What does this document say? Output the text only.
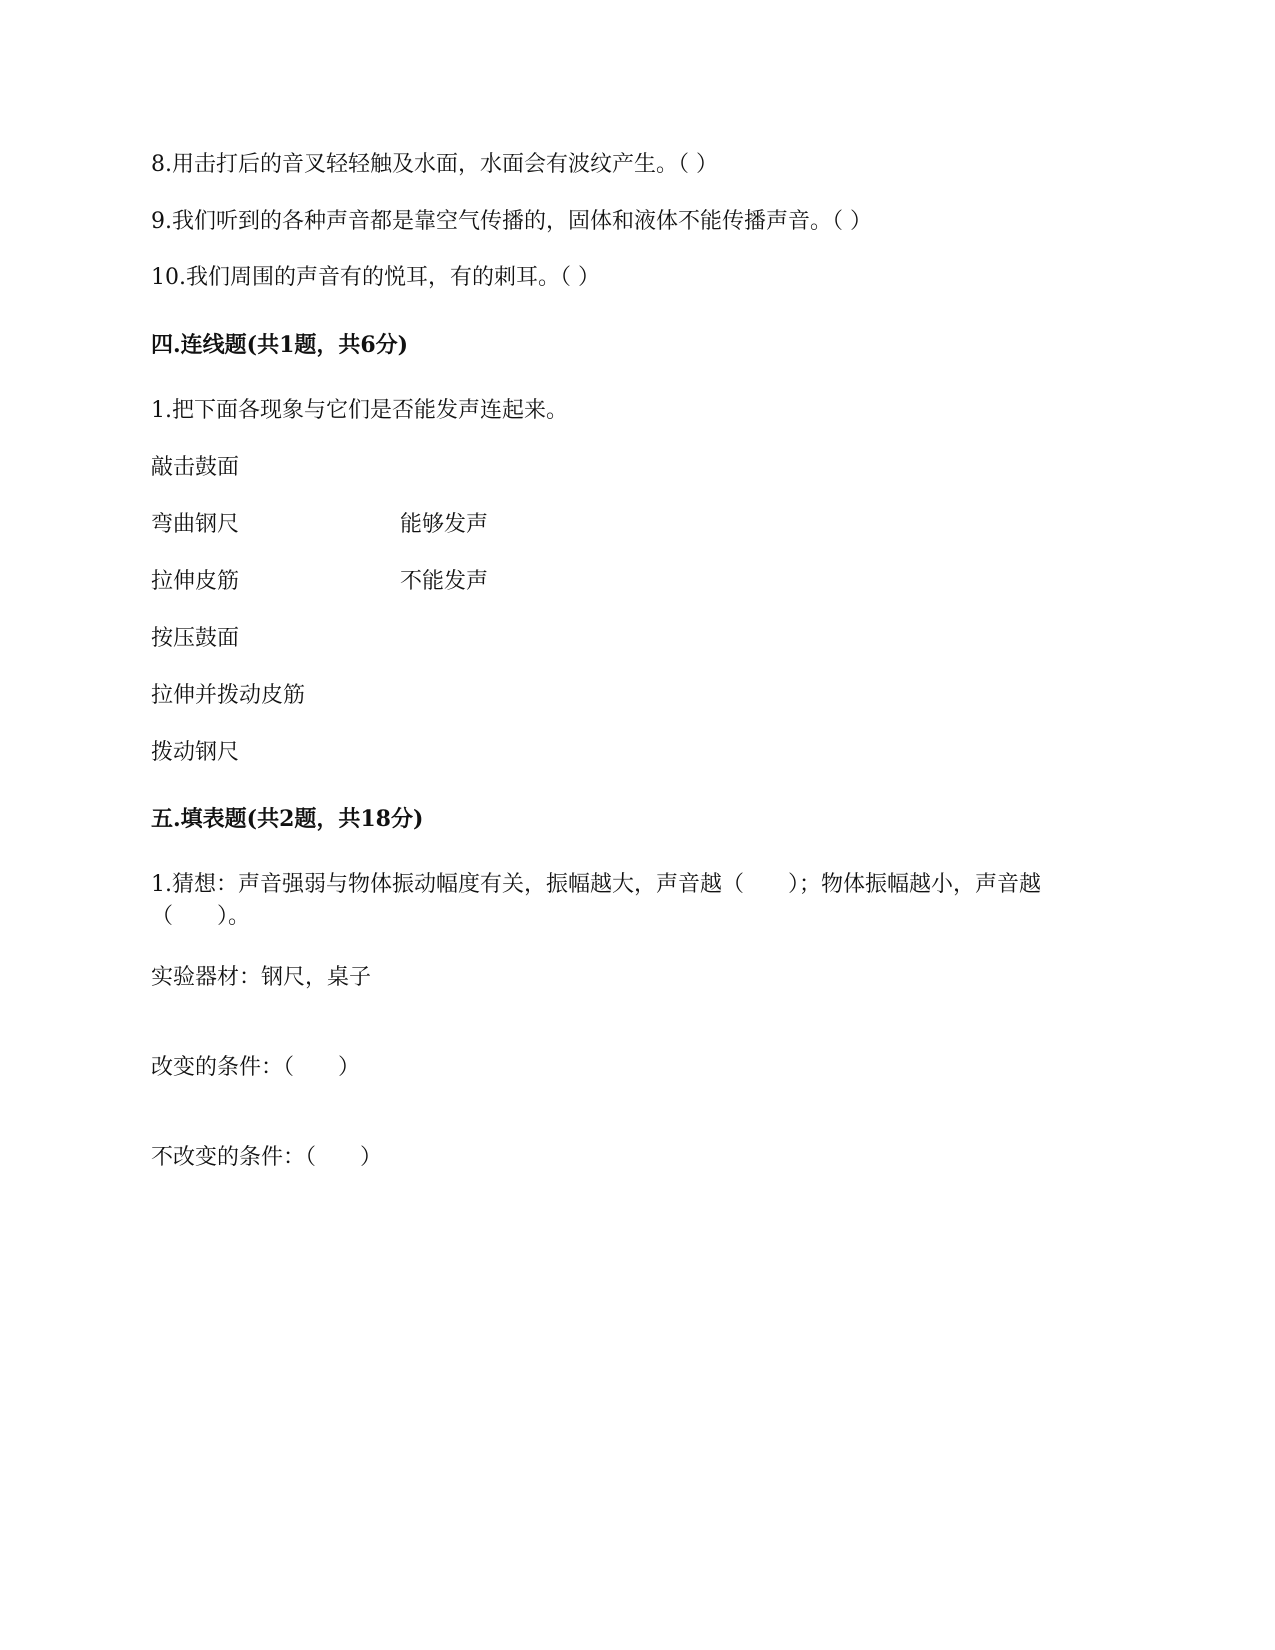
8.用击打后的音叉轻轻触及水面，水面会有波纹产生。（ ）
9.我们听到的各种声音都是靠空气传播的，固体和液体不能传播声音。（ ）
10.我们周围的声音有的悦耳，有的刺耳。（ ）
四.连线题(共1题，共6分)
1.把下面各现象与它们是否能发声连起来。
敲击鼓面
弯曲钢尺	能够发声
拉伸皮筋	不能发声
按压鼓面
拉伸并拨动皮筋
拨动钢尺
五.填表题(共2题，共18分)
1.猜想：声音强弱与物体振动幅度有关，振幅越大，声音越（　　）；物体振幅越小，声音越（　　）。
实验器材：钢尺，桌子
改变的条件：（　　）
不改变的条件：（　　）
